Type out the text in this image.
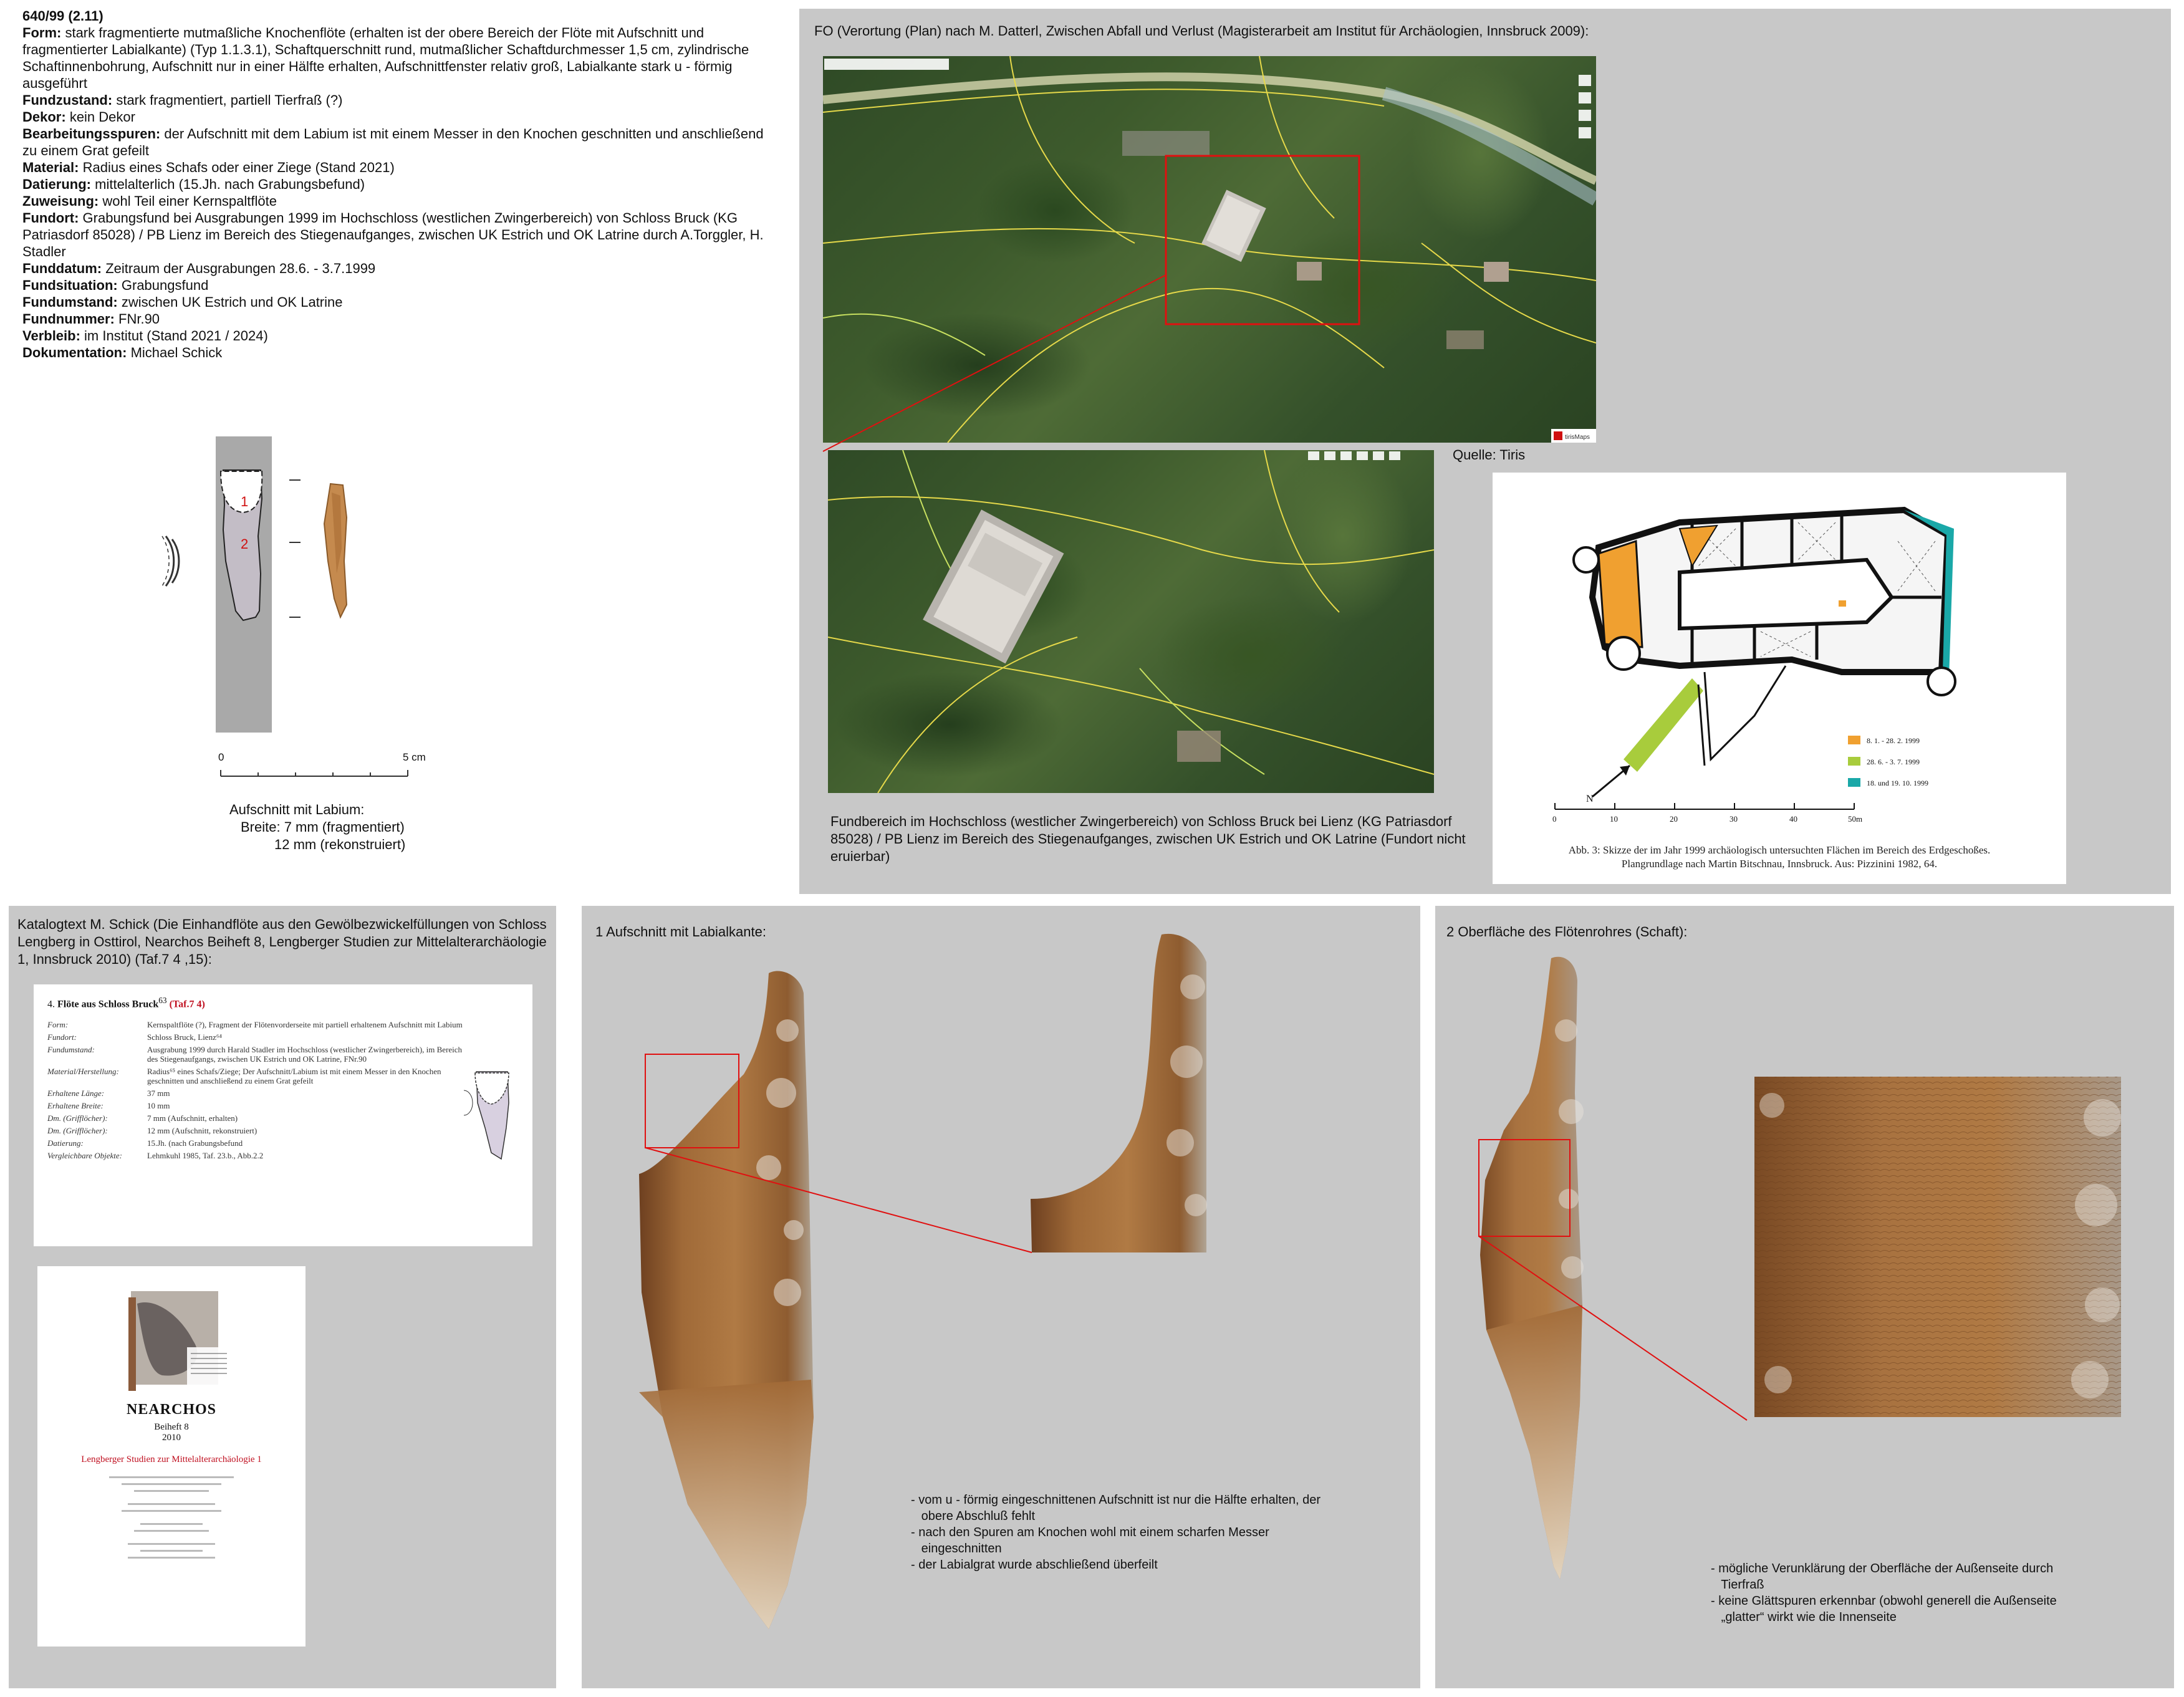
640/99 (2.11)
Form: stark fragmentierte mutmaßliche Knochenflöte (erhalten ist der obere Bereich der Flöte mit Aufschnitt und fragmentierter Labialkante) (Typ 1.1.3.1), Schaftquerschnitt rund, mutmaßlicher Schaftdurchmesser 1,5 cm, zylindrische Schaftinnenbohrung, Aufschnitt nur in einer Hälfte erhalten, Aufschnittfenster relativ groß, Labialkante stark u - förmig ausgeführt
Fundzustand: stark fragmentiert, partiell Tierfraß (?)
Dekor: kein Dekor
Bearbeitungsspuren: der Aufschnitt mit dem Labium ist mit einem Messer in den Knochen geschnitten und anschließend zu einem Grat gefeilt
Material: Radius eines Schafs oder einer Ziege (Stand 2021)
Datierung: mittelalterlich (15.Jh. nach Grabungsbefund)
Zuweisung: wohl Teil einer Kernspaltflöte
Fundort: Grabungsfund bei Ausgrabungen 1999 im Hochschloss (westlichen Zwingerbereich) von Schloss Bruck (KG Patriasdorf 85028) / PB Lienz im Bereich des Stiegenaufganges, zwischen UK Estrich und OK Latrine durch A.Torggler, H. Stadler
Funddatum: Zeitraum der Ausgrabungen 28.6. - 3.7.1999
Fundsituation: Grabungsfund
Fundumstand: zwischen UK Estrich und OK Latrine
Fundnummer: FNr.90
Verbleib: im Institut (Stand 2021 / 2024)
Dokumentation: Michael Schick
1
2
0	5 cm
Aufschnitt mit Labium:
Breite: 7 mm (fragmentiert)
12 mm (rekonstruiert)
FO (Verortung (Plan) nach M. Datterl, Zwischen Abfall und Verlust (Magisterarbeit am Institut für Archäologien, Innsbruck 2009):
tirisMaps
Quelle: Tiris
N
8. 1. - 28. 2. 1999
28. 6. - 3. 7. 1999
18. und 19. 10. 1999
0	10	20	30	40	50m
Abb. 3: Skizze der im Jahr 1999 archäologisch untersuchten Flächen im Bereich des Erdgeschoßes.
Plangrundlage nach Martin Bitschnau, Innsbruck. Aus: Pizzinini 1982, 64.
Fundbereich im Hochschloss (westlicher Zwingerbereich) von Schloss Bruck bei Lienz (KG Patriasdorf 85028) / PB Lienz im Bereich des Stiegenaufganges, zwischen UK Estrich und OK Latrine (Fundort nicht eruierbar)
Katalogtext M. Schick (Die Einhandflöte aus den Gewölbezwickelfüllungen von Schloss Lengberg in Osttirol, Nearchos Beiheft 8, Lengberger Studien zur Mittelalterarchäologie 1, Innsbruck 2010) (Taf.7 4 ,15):
4. Flöte aus Schloss Bruck$^{63}$ (Taf.7 4)
Form:	Kernspaltflöte (?), Fragment der Flötenvorderseite mit partiell erhaltenem Aufschnitt mit Labium
Fundort:	Schloss Bruck, Lienz⁶⁴
Fundumstand:	Ausgrabung 1999 durch Harald Stadler im Hochschloss (westlicher Zwingerbereich), im Bereich des Stiegenaufgangs, zwischen UK Estrich und OK Latrine, FNr.90
Material/Herstellung:	Radius⁶⁵ eines Schafs/Ziege; Der Aufschnitt/Labium ist mit einem Messer in den Knochen geschnitten und anschließend zu einem Grat gefeilt
Erhaltene Länge:	37 mm
Erhaltene Breite:	10 mm
Dm. (Grifflöcher):	7 mm (Aufschnitt, erhalten)
Dm. (Grifflöcher):	12 mm (Aufschnitt, rekonstruiert)
Datierung:	15.Jh. (nach Grabungsbefund
Vergleichbare Objekte:	Lehmkuhl 1985, Taf. 23.b., Abb.2.2
NEARCHOS
Beiheft 8
2010
Lengberger Studien zur Mittelalterarchäologie 1
1 Aufschnitt mit Labialkante:
- vom u - förmig eingeschnittenen Aufschnitt ist nur die Hälfte erhalten, der
obere Abschluß fehlt
- nach den Spuren am Knochen wohl mit einem scharfen Messer
eingeschnitten
- der Labialgrat wurde abschließend überfeilt
2 Oberfläche des Flötenrohres (Schaft):
- mögliche Verunklärung der Oberfläche der Außenseite durch
Tierfraß
- keine Glättspuren erkennbar (obwohl generell die Außenseite
„glatter“ wirkt wie die Innenseite
